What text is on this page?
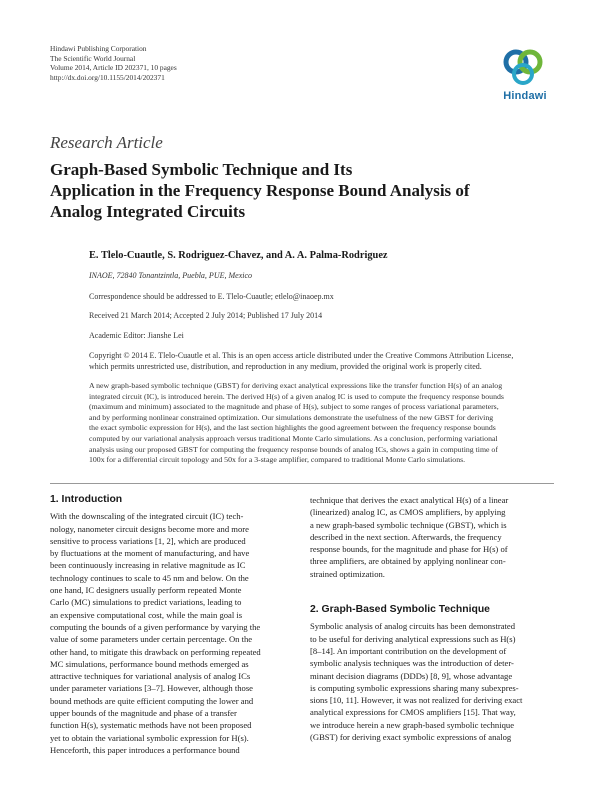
Hindawi Publishing Corporation
The Scientific World Journal
Volume 2014, Article ID 202371, 10 pages
http://dx.doi.org/10.1155/2014/202371
Hindawi
Research Article
Graph-Based Symbolic Technique and Its
Application in the Frequency Response Bound Analysis of
Analog Integrated Circuits
E. Tlelo-Cuautle, S. Rodriguez-Chavez, and A. A. Palma-Rodriguez
INAOE, 72840 Tonantzintla, Puebla, PUE, Mexico
Correspondence should be addressed to E. Tlelo-Cuautle; etlelo@inaoep.mx
Received 21 March 2014; Accepted 2 July 2014; Published 17 July 2014
Academic Editor: Jianshe Lei
Copyright © 2014 E. Tlelo-Cuautle et al. This is an open access article distributed under the Creative Commons Attribution License,
which permits unrestricted use, distribution, and reproduction in any medium, provided the original work is properly cited.
A new graph-based symbolic technique (GBST) for deriving exact analytical expressions like the transfer function H(s) of an analog
integrated circuit (IC), is introduced herein. The derived H(s) of a given analog IC is used to compute the frequency response bounds
(maximum and minimum) associated to the magnitude and phase of H(s), subject to some ranges of process variational parameters,
and by performing nonlinear constrained optimization. Our simulations demonstrate the usefulness of the new GBST for deriving
the exact symbolic expression for H(s), and the last section highlights the good agreement between the frequency response bounds
computed by our variational analysis approach versus traditional Monte Carlo simulations. As a conclusion, performing variational
analysis using our proposed GBST for computing the frequency response bounds of analog ICs, shows a gain in computing time of
100x for a differential circuit topology and 50x for a 3-stage amplifier, compared to traditional Monte Carlo simulations.
1. Introduction
With the downscaling of the integrated circuit (IC) tech-
nology, nanometer circuit designs become more and more
sensitive to process variations [1, 2], which are produced
by fluctuations at the moment of manufacturing, and have
been continuously increasing in relative magnitude as IC
technology continues to scale to 45 nm and below. On the
one hand, IC designers usually perform repeated Monte
Carlo (MC) simulations to predict variations, leading to
an expensive computational cost, while the main goal is
computing the bounds of a given performance by varying the
value of some parameters under certain percentage. On the
other hand, to mitigate this drawback on performing repeated
MC simulations, performance bound methods emerged as
attractive techniques for variational analysis of analog ICs
under parameter variations [3–7]. However, although those
bound methods are quite efficient computing the lower and
upper bounds of the magnitude and phase of a transfer
function H(s), systematic methods have not been proposed
yet to obtain the variational symbolic expression for H(s).
Henceforth, this paper introduces a performance bound
technique that derives the exact analytical H(s) of a linear
(linearized) analog IC, as CMOS amplifiers, by applying
a new graph-based symbolic technique (GBST), which is
described in the next section. Afterwards, the frequency
response bounds, for the magnitude and phase for H(s) of
three amplifiers, are obtained by applying nonlinear con-
strained optimization.
2. Graph-Based Symbolic Technique
Symbolic analysis of analog circuits has been demonstrated
to be useful for deriving analytical expressions such as H(s)
[8–14]. An important contribution on the development of
symbolic analysis techniques was the introduction of deter-
minant decision diagrams (DDDs) [8, 9], whose advantage
is computing symbolic expressions sharing many subexpres-
sions [10, 11]. However, it was not realized for deriving exact
analytical expressions for CMOS amplifiers [15]. That way,
we introduce herein a new graph-based symbolic technique
(GBST) for deriving exact symbolic expressions of analog
